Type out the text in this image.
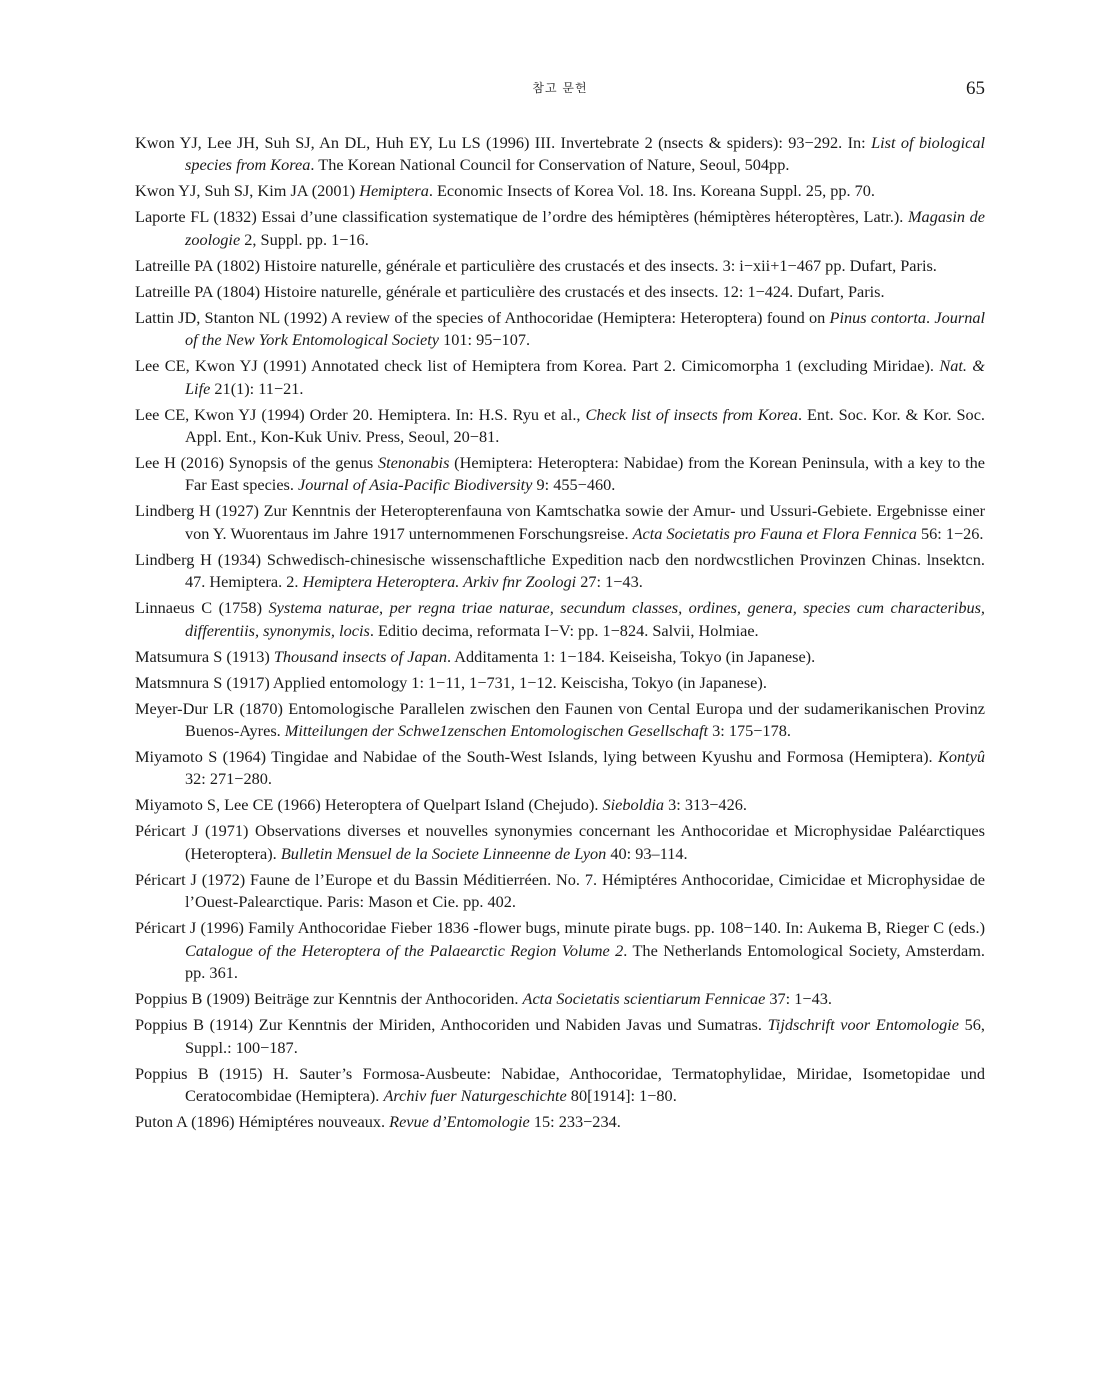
참고 문헌	65
Kwon YJ, Lee JH, Suh SJ, An DL, Huh EY, Lu LS (1996) III. Invertebrate 2 (nsects & spiders): 93−292. In: List of biological species from Korea. The Korean National Council for Conservation of Nature, Seoul, 504pp.
Kwon YJ, Suh SJ, Kim JA (2001) Hemiptera. Economic Insects of Korea Vol. 18. Ins. Koreana Suppl. 25, pp. 70.
Laporte FL (1832) Essai d’une classification systematique de l’ordre des hémiptères (hémiptères héteroptères, Latr.). Magasin de zoologie 2, Suppl. pp. 1−16.
Latreille PA (1802) Histoire naturelle, générale et particulière des crustacés et des insects. 3: i−xii+1−467 pp. Dufart, Paris.
Latreille PA (1804) Histoire naturelle, générale et particulière des crustacés et des insects. 12: 1−424. Dufart, Paris.
Lattin JD, Stanton NL (1992) A review of the species of Anthocoridae (Hemiptera: Heteroptera) found on Pinus contorta. Journal of the New York Entomological Society 101: 95−107.
Lee CE, Kwon YJ (1991) Annotated check list of Hemiptera from Korea. Part 2. Cimicomorpha 1 (excluding Miridae). Nat. & Life 21(1): 11−21.
Lee CE, Kwon YJ (1994) Order 20. Hemiptera. In: H.S. Ryu et al., Check list of insects from Korea. Ent. Soc. Kor. & Kor. Soc. Appl. Ent., Kon-Kuk Univ. Press, Seoul, 20−81.
Lee H (2016) Synopsis of the genus Stenonabis (Hemiptera: Heteroptera: Nabidae) from the Korean Peninsula, with a key to the Far East species. Journal of Asia-Pacific Biodiversity 9: 455−460.
Lindberg H (1927) Zur Kenntnis der Heteropterenfauna von Kamtschatka sowie der Amur- und Ussuri-Gebiete. Ergebnisse einer von Y. Wuorentaus im Jahre 1917 unternommenen Forschungsreise. Acta Societatis pro Fauna et Flora Fennica 56: 1−26.
Lindberg H (1934) Schwedisch-chinesische wissenschaftliche Expedition nacb den nordwcstlichen Provinzen Chinas. lnsektcn. 47. Hemiptera. 2. Hemiptera Heteroptera. Arkiv fnr Zoologi 27: 1−43.
Linnaeus C (1758) Systema naturae, per regna triae naturae, secundum classes, ordines, genera, species cum characteribus, differentiis, synonymis, locis. Editio decima, reformata I−V: pp. 1−824. Salvii, Holmiae.
Matsumura S (1913) Thousand insects of Japan. Additamenta 1: 1−184. Keiseisha, Tokyo (in Japanese).
Matsmnura S (1917) Applied entomology 1: 1−11, 1−731, 1−12. Keiscisha, Tokyo (in Japanese).
Meyer-Dur LR (1870) Entomologische Parallelen zwischen den Faunen von Cental Europa und der sudamerikanischen Provinz Buenos-Ayres. Mitteilungen der Schwe1zenschen Entomologischen Gesellschaft 3: 175−178.
Miyamoto S (1964) Tingidae and Nabidae of the South-West Islands, lying between Kyushu and Formosa (Hemiptera). Kontyû 32: 271−280.
Miyamoto S, Lee CE (1966) Heteroptera of Quelpart Island (Chejudo). Sieboldia 3: 313−426.
Péricart J (1971) Observations diverses et nouvelles synonymies concernant les Anthocoridae et Microphysidae Paléarctiques (Heteroptera). Bulletin Mensuel de la Societe Linneenne de Lyon 40: 93–114.
Péricart J (1972) Faune de l’Europe et du Bassin Méditierréen. No. 7. Hémiptéres Anthocoridae, Cimicidae et Microphysidae de l’Ouest-Palearctique. Paris: Mason et Cie. pp. 402.
Péricart J (1996) Family Anthocoridae Fieber 1836 -flower bugs, minute pirate bugs. pp. 108−140. In: Aukema B, Rieger C (eds.) Catalogue of the Heteroptera of the Palaearctic Region Volume 2. The Netherlands Entomological Society, Amsterdam. pp. 361.
Poppius B (1909) Beiträge zur Kenntnis der Anthocoriden. Acta Societatis scientiarum Fennicae 37: 1−43.
Poppius B (1914) Zur Kenntnis der Miriden, Anthocoriden und Nabiden Javas und Sumatras. Tijdschrift voor Entomologie 56, Suppl.: 100−187.
Poppius B (1915) H. Sauter’s Formosa-Ausbeute: Nabidae, Anthocoridae, Termatophylidae, Miridae, Isometopidae und Ceratocombidae (Hemiptera). Archiv fuer Naturgeschichte 80[1914]: 1−80.
Puton A (1896) Hémiptéres nouveaux. Revue d’Entomologie 15: 233−234.
